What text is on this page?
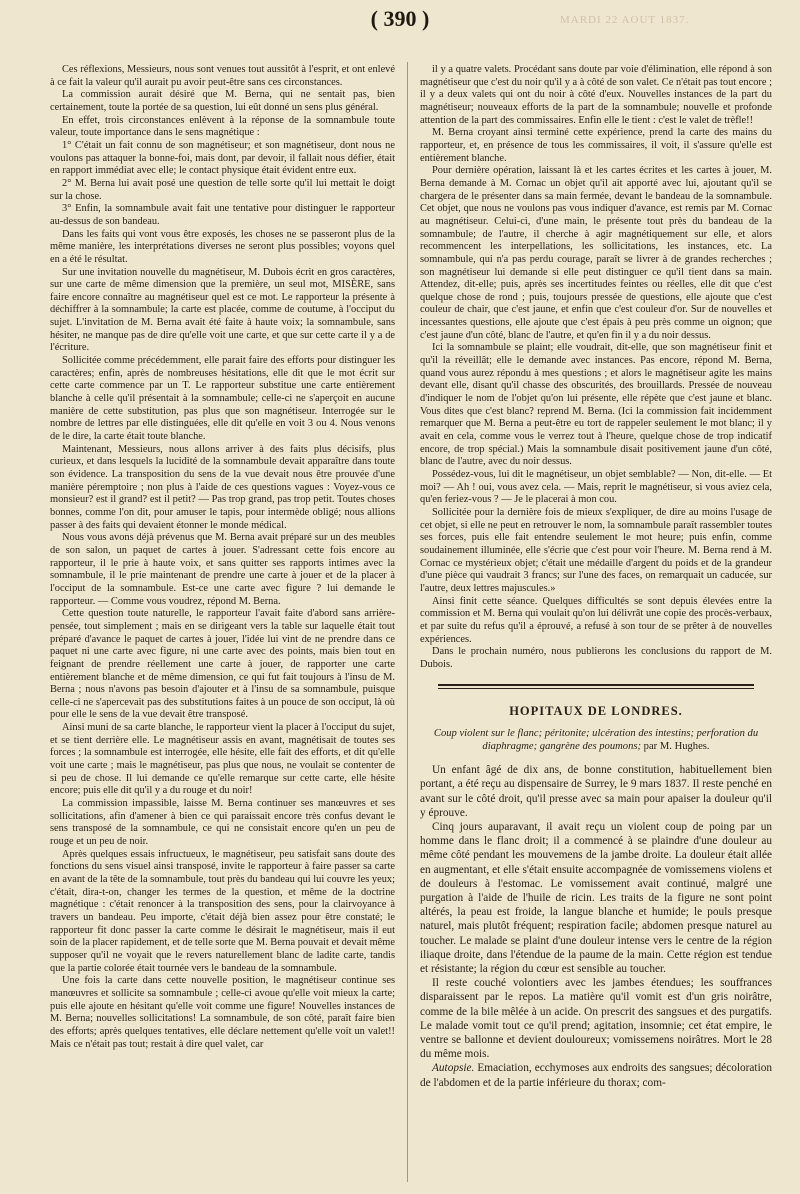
MARDI 22 AOUT 1837.
( 390 )

Ces réflexions, Messieurs, nous sont venues tout aussitôt à l'esprit, et ont enlevé à ce fait la valeur qu'il aurait pu avoir peut-être sans ces circonstances.

La commission aurait désiré que M. Berna, qui ne sentait pas, bien certainement, toute la portée de sa question, lui eût donné un sens plus général.

En effet, trois circonstances enlèvent à la réponse de la somnambule toute valeur, toute importance dans le sens magnétique :

1° C'était un fait connu de son magnétiseur; et son magnétiseur, dont nous ne voulons pas attaquer la bonne-foi, mais dont, par devoir, il fallait nous défier, était en rapport immédiat avec elle; le contact physique était évident entre eux.

2° M. Berna lui avait posé une question de telle sorte qu'il lui mettait le doigt sur la chose.

3° Enfin, la somnambule avait fait une tentative pour distinguer le rapporteur au-dessus de son bandeau.

Dans les faits qui vont vous être exposés, les choses ne se passeront plus de la même manière, les interprétations diverses ne seront plus possibles; voyons quel en a été le résultat.

Sur une invitation nouvelle du magnétiseur, M. Dubois écrit en gros caractères, sur une carte de même dimension que la première, un seul mot, MISÈRE, sans faire encore connaître au magnétiseur quel est ce mot. Le rapporteur la présente à déchiffrer à la somnambule; la carte est placée, comme de coutume, à l'occiput du sujet. L'invitation de M. Berna avait été faite à haute voix; la somnambule, sans hésiter, ne manque pas de dire qu'elle voit une carte, et que sur cette carte il y a de l'écriture.

Sollicitée comme précédemment, elle parait faire des efforts pour distinguer les caractères; enfin, après de nombreuses hésitations, elle dit que le mot écrit sur cette carte commence par un T. Le rapporteur substitue une carte entièrement blanche à celle qu'il présentait à la somnambule; celle-ci ne s'aperçoit en aucune manière de cette substitution, pas plus que son magnétiseur. Interrogée sur le nombre de lettres par elle distinguées, elle dit qu'elle en voit 3 ou 4. Nous venons de le dire, la carte était toute blanche.

Maintenant, Messieurs, nous allons arriver à des faits plus décisifs, plus curieux, et dans lesquels la lucidité de la somnambule devait apparaître dans toute son évidence. La transposition du sens de la vue devait nous être prouvée d'une manière péremptoire ; non plus à l'aide de ces questions vagues : Voyez-vous ce monsieur? est il grand? est il petit? — Pas trop grand, pas trop petit. Toutes choses bonnes, comme l'on dit, pour amuser le tapis, pour intermède obligé; nous allions passer à des faits qui devaient étonner le monde médical.

Nous vous avons déjà prévenus que M. Berna avait préparé sur un des meubles de son salon, un paquet de cartes à jouer. S'adressant cette fois encore au rapporteur, il le prie à haute voix, et sans quitter ses rapports intimes avec la somnambule, il le prie maintenant de prendre une carte à jouer et de la placer à l'occiput de la somnambule. Est-ce une carte avec figure ? lui demande le rapporteur. — Comme vous voudrez, répond M. Berna.

Cette question toute naturelle, le rapporteur l'avait faite d'abord sans arrière-pensée, tout simplement ; mais en se dirigeant vers la table sur laquelle était tout préparé d'avance le paquet de cartes à jouer, l'idée lui vint de ne prendre dans ce paquet ni une carte avec figure, ni une carte avec des points, mais bien tout en feignant de prendre réellement une carte à jouer, de rapporter une carte entièrement blanche et de même dimension, ce qui fut fait toujours à l'insu de M. Berna ; nous n'avons pas besoin d'ajouter et à l'insu de sa somnambule, puisque celle-ci ne s'apercevait pas des substitutions faites à un pouce de son occiput, là où pour elle le sens de la vue devait être transposé.

Ainsi muni de sa carte blanche, le rapporteur vient la placer à l'occiput du sujet, et se tient derrière elle. Le magnétiseur assis en avant, magnétisait de toutes ses forces ; la somnambule est interrogée, elle hésite, elle fait des efforts, et dit qu'elle voit une carte ; mais le magnétiseur, pas plus que nous, ne voulait se contenter de si peu de chose. Il lui demande ce qu'elle remarque sur cette carte, elle hésite encore; puis elle dit qu'il y a du rouge et du noir!

La commission impassible, laisse M. Berna continuer ses manœuvres et ses sollicitations, afin d'amener à bien ce qui paraissait encore très confus devant le sens transposé de la somnambule, ce qui ne consistait encore qu'en un peu de rouge et un peu de noir.

Après quelques essais infructueux, le magnétiseur, peu satisfait sans doute des fonctions du sens visuel ainsi transposé, invite le rapporteur à faire passer sa carte en avant de la tête de la somnambule, tout près du bandeau qui lui couvre les yeux; c'était, dira-t-on, changer les termes de la question, et même de la doctrine magnétique : c'était renoncer à la transposition des sens, pour la clairvoyance à travers un bandeau. Peu importe, c'était déjà bien assez pour être constaté; le rapporteur fit donc passer la carte comme le désirait le magnétiseur, mais il eut soin de la placer rapidement, et de telle sorte que M. Berna pouvait et devait même supposer qu'il ne voyait que le revers naturellement blanc de ladite carte, tandis que la partie colorée était tournée vers le bandeau de la somnambule.

Une fois la carte dans cette nouvelle position, le magnétiseur continue ses manœuvres et sollicite sa somnambule ; celle-ci avoue qu'elle voit mieux la carte; puis elle ajoute en hésitant qu'elle voit comme une figure! Nouvelles instances de M. Berna; nouvelles sollicitations! La somnambule, de son côté, paraît faire bien des efforts; après quelques tentatives, elle déclare nettement qu'elle voit un valet!! Mais ce n'était pas tout; restait à dire quel valet, car

il y a quatre valets. Procédant sans doute par voie d'élimination, elle répond à son magnétiseur que c'est du noir qu'il y a à côté de son valet. Ce n'était pas tout encore ; il y a deux valets qui ont du noir à côté d'eux. Nouvelles instances de la part du magnétiseur; nouveaux efforts de la part de la somnambule; nouvelle et profonde attention de la part des commissaires. Enfin elle le tient : c'est le valet de trèfle!!

M. Berna croyant ainsi terminé cette expérience, prend la carte des mains du rapporteur, et, en présence de tous les commissaires, il voit, il s'assure qu'elle est entièrement blanche.

Pour dernière opération, laissant là et les cartes écrites et les cartes à jouer, M. Berna demande à M. Cornac un objet qu'il ait apporté avec lui, ajoutant qu'il se chargera de le présenter dans sa main fermée, devant le bandeau de la somnambule. Cet objet, que nous ne voulons pas vous indiquer d'avance, est remis par M. Cornac au magnétiseur. Celui-ci, d'une main, le présente tout près du bandeau de la somnambule; de l'autre, il cherche à agir magnétiquement sur elle, et alors recommencent les interpellations, les sollicitations, les instances, etc. La somnambule, qui n'a pas perdu courage, paraît se livrer à de grandes recherches ; son magnétiseur lui demande si elle peut distinguer ce qu'il tient dans sa main. Attendez, dit-elle; puis, après ses incertitudes feintes ou réelles, elle dit que c'est quelque chose de rond ; puis, toujours pressée de questions, elle ajoute que c'est couleur de chair, que c'est jaune, et enfin que c'est couleur d'or. Sur de nouvelles et incessantes questions, elle ajoute que c'est épais à peu près comme un oignon; que c'est jaune d'un côté, blanc de l'autre, et qu'en fin il y a du noir dessus.

Ici la somnambule se plaint; elle voudrait, dit-elle, que son magnétiseur finit et qu'il la réveillât; elle le demande avec instances. Pas encore, répond M. Berna, quand vous aurez répondu à mes questions ; et alors le magnétiseur agite les mains devant elle, disant qu'il chasse des obscurités, des brouillards. Pressée de nouveau d'indiquer le nom de l'objet qu'on lui présente, elle répète que c'est jaune et blanc. Vous dites que c'est blanc? reprend M. Berna. (Ici la commission fait incidemment remarquer que M. Berna a peut-être eu tort de rappeler seulement le mot blanc; il y avait en cela, comme vous le verrez tout à l'heure, quelque chose de trop indicatif encore, de trop spécial.) Mais la somnambule disait positivement jaune d'un côté, blanc de l'autre, avec du noir dessus.

Possédez-vous, lui dit le magnétiseur, un objet semblable? — Non, dit-elle. — Et moi? — Ah ! oui, vous avez cela. — Mais, reprit le magnétiseur, si vous aviez cela, qu'en feriez-vous ? — Je le placerai à mon cou.

Sollicitée pour la dernière fois de mieux s'expliquer, de dire au moins l'usage de cet objet, si elle ne peut en retrouver le nom, la somnambule paraît rassembler toutes ses forces, puis elle fait entendre seulement le mot heure; puis enfin, comme soudainement illuminée, elle s'écrie que c'est pour voir l'heure. M. Berna rend à M. Cornac ce mystérieux objet; c'était une médaille d'argent du poids et de la grandeur d'une pièce qui vaudrait 3 francs; sur l'une des faces, on remarquait un caducée, sur l'autre, deux lettres majuscules.»

Ainsi finit cette séance. Quelques difficultés se sont depuis élevées entre la commission et M. Berna qui voulait qu'on lui délivrât une copie des procès-verbaux, et par suite du refus qu'il a éprouvé, a refusé à son tour de se prêter à de nouvelles expériences.

Dans le prochain numéro, nous publierons les conclusions du rapport de M. Dubois.

HOPITAUX DE LONDRES.
Coup violent sur le flanc; péritonite; ulcération des intestins; perforation du diaphragme; gangrène des poumons; par M. Hughes.

Un enfant âgé de dix ans, de bonne constitution, habituellement bien portant, a été reçu au dispensaire de Surrey, le 9 mars 1837. Il reste penché en avant sur le côté droit, qu'il presse avec sa main pour apaiser la douleur qu'il y éprouve.

Cinq jours auparavant, il avait reçu un violent coup de poing par un homme dans le flanc droit; il a commencé à se plaindre d'une douleur au même côté pendant les mouvemens de la jambe droite. La douleur était allée en augmentant, et elle s'était ensuite accompagnée de vomissemens violens et de douleurs à l'estomac. Le vomissement avait continué, malgré une purgation à l'aide de l'huile de ricin. Les traits de la figure ne sont point altérés, la peau est froide, la langue blanche et humide; le pouls presque naturel, mais plutôt fréquent; respiration facile; abdomen presque naturel au toucher. Le malade se plaint d'une douleur intense vers le centre de la région iliaque droite, dans l'étendue de la paume de la main. Cette région est tendue et résistante; la région du cœur est sensible au toucher.

Il reste couché volontiers avec les jambes étendues; les souffrances disparaissent par le repos. La matière qu'il vomit est d'un gris noirâtre, comme de la bile mêlée à un acide. On prescrit des sangsues et des purgatifs. Le malade vomit tout ce qu'il prend; agitation, insomnie; cet état empire, le ventre se ballonne et devient douloureux; vomissemens noirâtres. Mort le 28 du même mois.

Autopsie. Emaciation, ecchymoses aux endroits des sangsues; décoloration de l'abdomen et de la partie inférieure du thorax; com-
